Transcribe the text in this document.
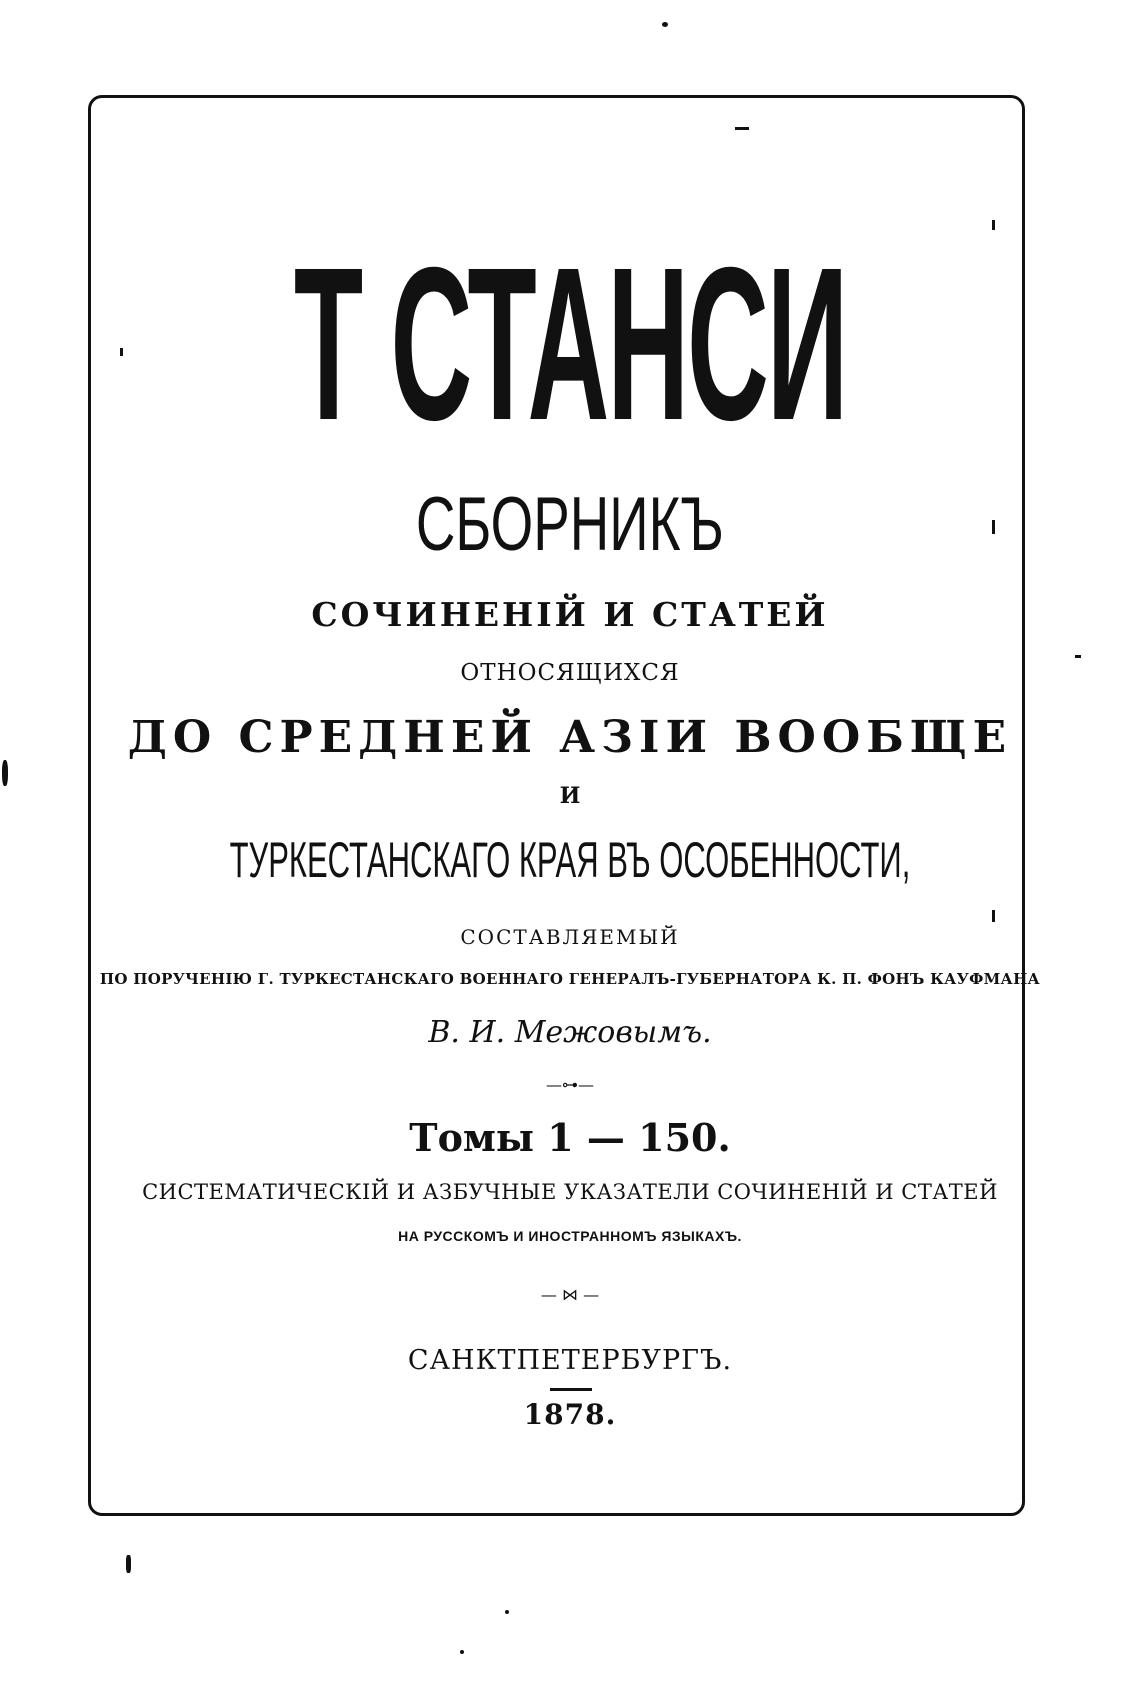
Т СТАНСИ
СБОРНИКЪ
СОЧИНЕНІЙ И СТАТЕЙ
ОТНОСЯЩИХСЯ
ДО СРЕДНЕЙ АЗІИ ВООБЩЕ
И
ТУРКЕСТАНСКАГО КРАЯ ВЪ ОСОБЕННОСТИ,
СОСТАВЛЯЕМЫЙ
ПО ПОРУЧЕНІЮ Г. ТУРКЕСТАНСКАГО ВОЕННАГО ГЕНЕРАЛЪ-ГУБЕРНАТОРА К. П. ФОНЪ КАУФМАНА
В. И. Межовымъ.
—⊶—
Томы 1 — 150.
СИСТЕМАТИЧЕСКІЙ И АЗБУЧНЫЕ УКАЗАТЕЛИ СОЧИНЕНІЙ И СТАТЕЙ
НА РУССКОМЪ И ИНОСТРАННОМЪ ЯЗЫКАХЪ.
— ⋈ —
САНКТПЕТЕРБУРГЪ.
1878.
